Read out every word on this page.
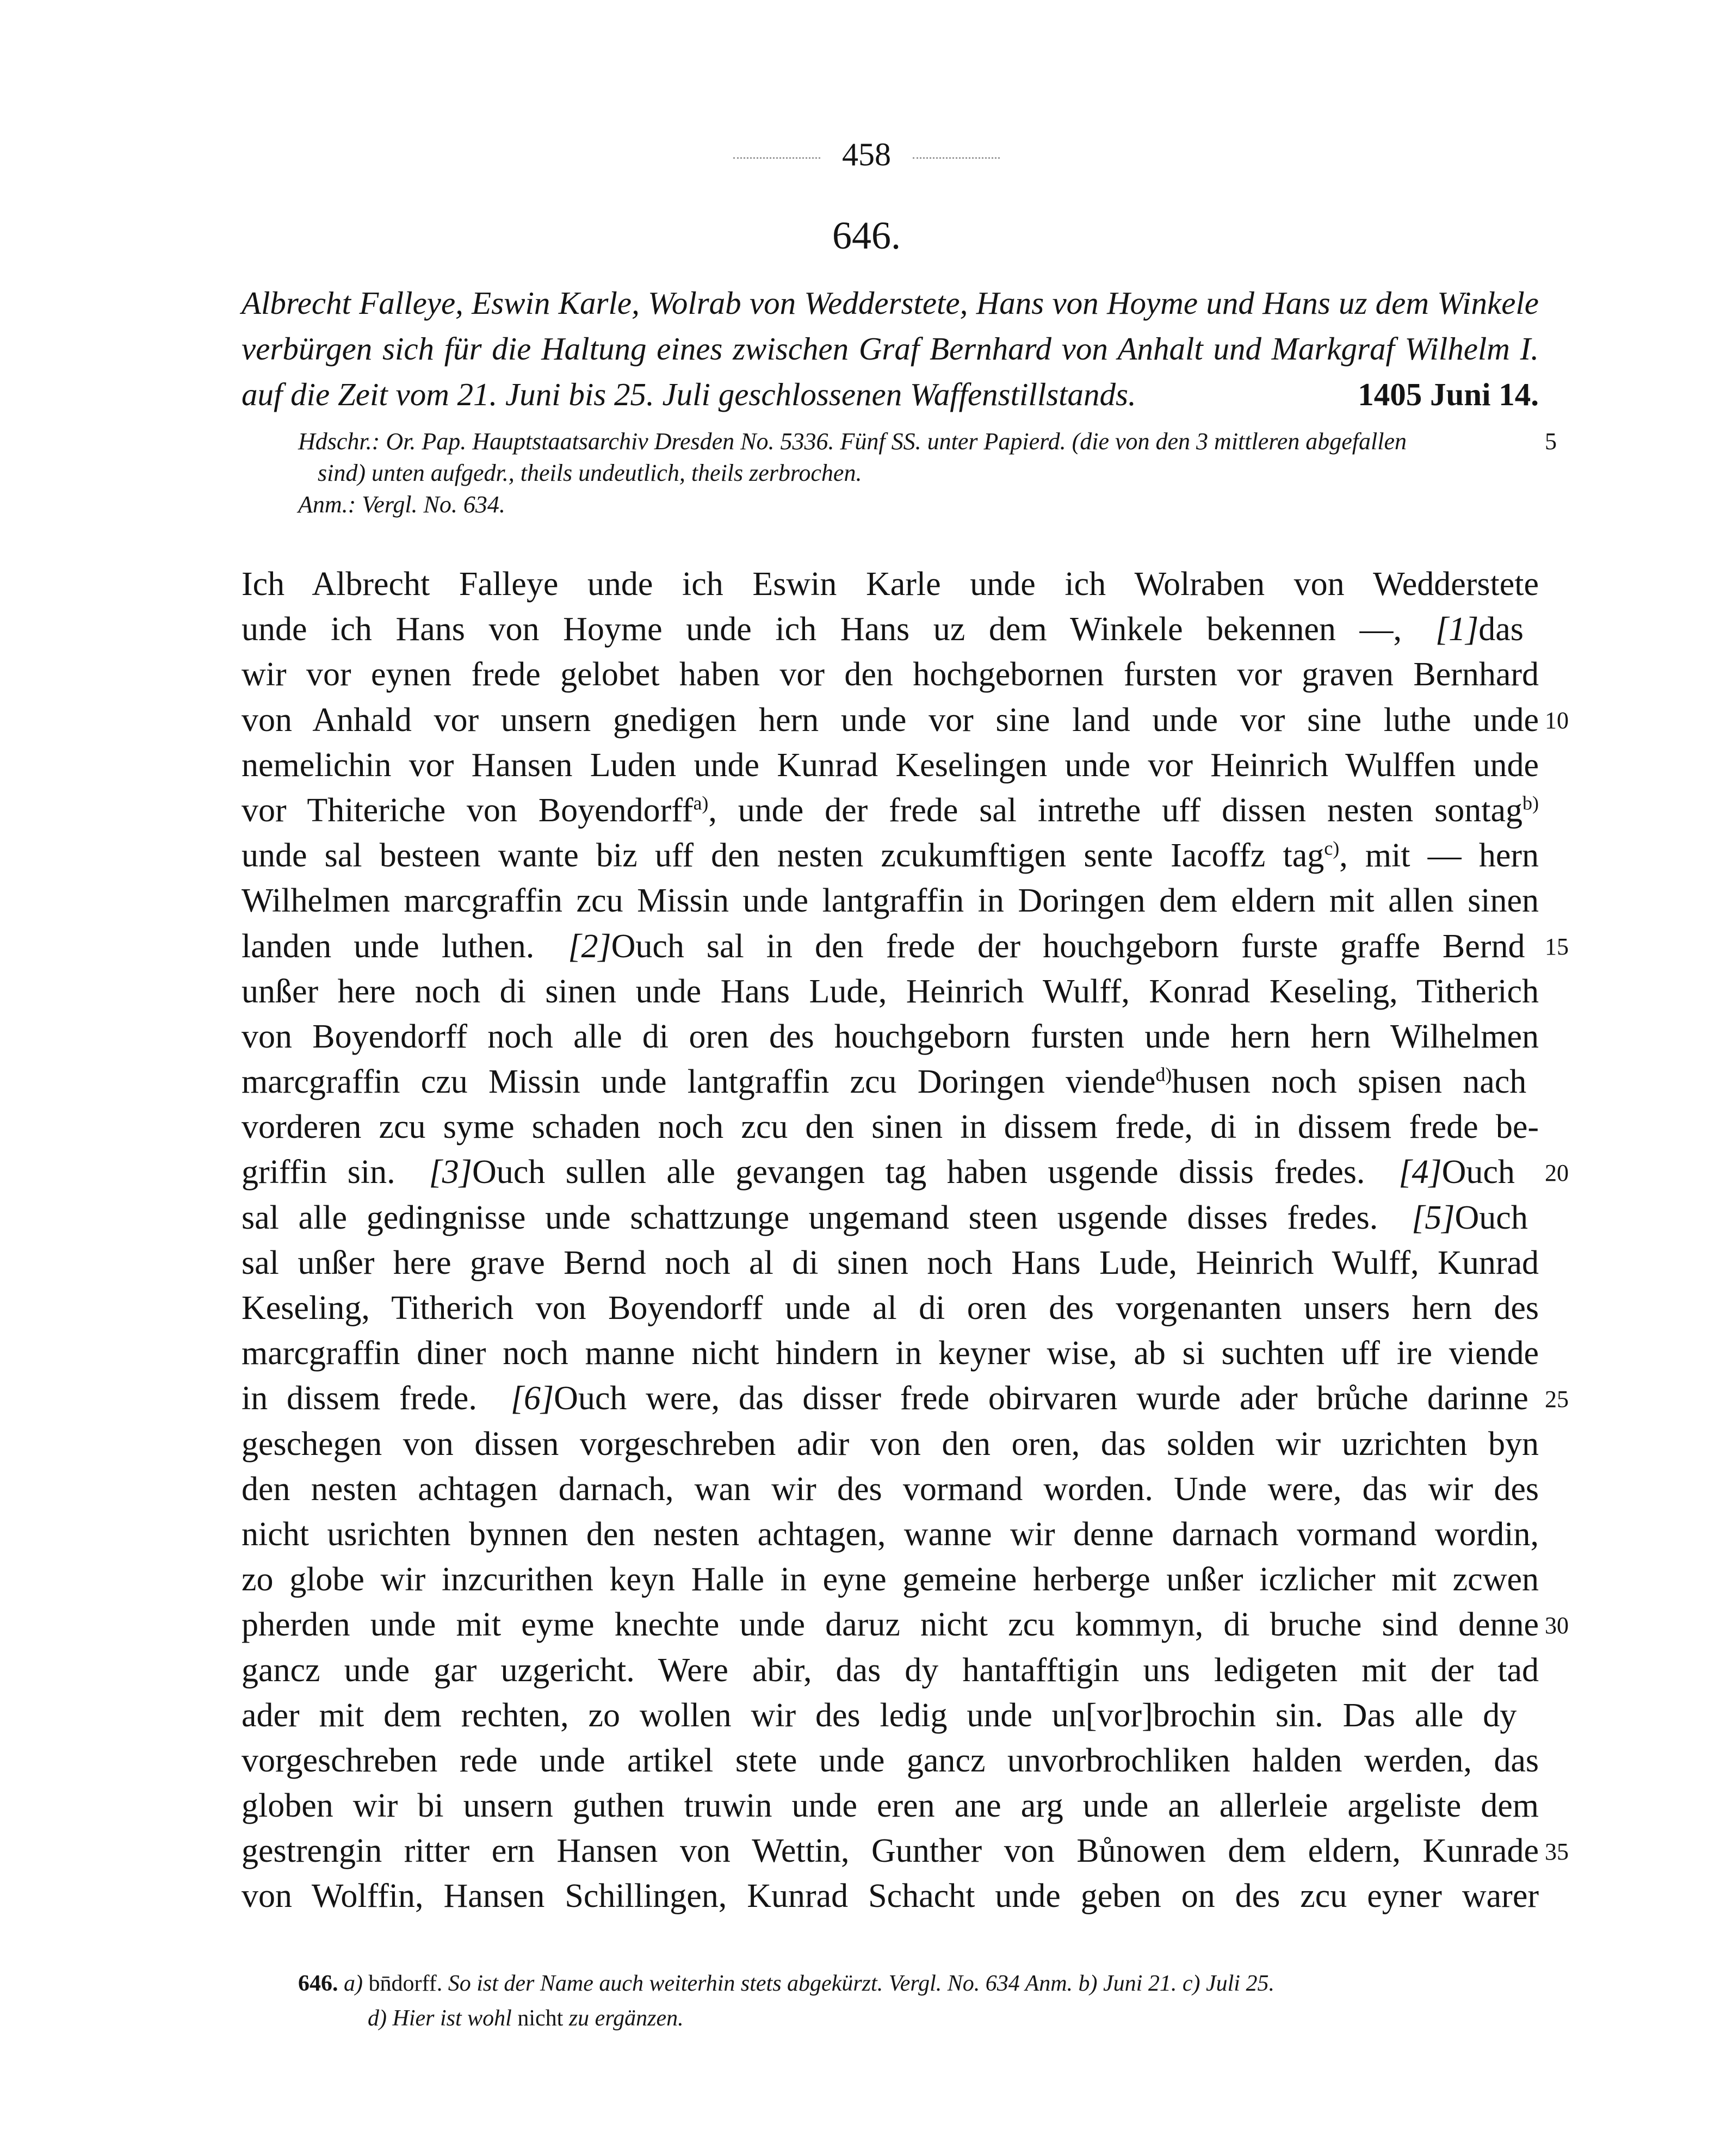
458
646.
Albrecht Falleye, Eswin Karle, Wolrab von Wedderstete, Hans von Hoyme und Hans uz dem Winkele verbürgen sich für die Haltung eines zwischen Graf Bernhard von Anhalt und Markgraf Wilhelm I. auf die Zeit vom 21. Juni bis 25. Juli geschlossenen Waffenstillstands.	1405 Juni 14.
Hdschr.: Or. Pap. Hauptstaatsarchiv Dresden No. 5336. Fünf SS. unter Papierd. (die von den 3 mittleren abgefallen
sind) unten aufgedr., theils undeutlich, theils zerbrochen.
Anm.: Vergl. No. 634.
5
Ich Albrecht Falleye unde ich Eswin Karle unde ich Wolraben von Wedderstete
unde ich Hans von Hoyme unde ich Hans uz dem Winkele bekennen —, [1]das
wir vor eynen frede gelobet haben vor den hochgebornen fursten vor graven Bernhard
von Anhald vor unsern gnedigen hern unde vor sine land unde vor sine luthe unde
nemelichin vor Hansen Luden unde Kunrad Keselingen unde vor Heinrich Wulffen unde
vor Thiteriche von Boyendorff$^{a)}$, unde der frede sal intrethe uff dissen nesten sontag$^{b)}$
unde sal besteen wante biz uff den nesten zcukumftigen sente Iacoffz tag$^{c)}$, mit — hern
Wilhelmen marcgraffin zcu Missin unde lantgraffin in Doringen dem eldern mit allen sinen
landen unde luthen. [2]Ouch sal in den frede der houchgeborn furste graffe Bernd
unßer here noch di sinen unde Hans Lude, Heinrich Wulff, Konrad Keseling, Titherich
von Boyendorff noch alle di oren des houchgeborn fursten unde hern hern Wilhelmen
marcgraffin czu Missin unde lantgraffin zcu Doringen viende$^{d)}$husen noch spisen nach
vorderen zcu syme schaden noch zcu den sinen in dissem frede, di in dissem frede be-
griffin sin. [3]Ouch sullen alle gevangen tag haben usgende dissis fredes. [4]Ouch
sal alle gedingnisse unde schattzunge ungemand steen usgende disses fredes. [5]Ouch
sal unßer here grave Bernd noch al di sinen noch Hans Lude, Heinrich Wulff, Kunrad
Keseling, Titherich von Boyendorff unde al di oren des vorgenanten unsers hern des
marcgraffin diner noch manne nicht hindern in keyner wise, ab si suchten uff ire viende
in dissem frede. [6]Ouch were, das disser frede obirvaren wurde ader brůche darinne
geschegen von dissen vorgeschreben adir von den oren, das solden wir uzrichten byn
den nesten achtagen darnach, wan wir des vormand worden. Unde were, das wir des
nicht usrichten bynnen den nesten achtagen, wanne wir denne darnach vormand wordin,
zo globe wir inzcurithen keyn Halle in eyne gemeine herberge unßer iczlicher mit zcwen
pherden unde mit eyme knechte unde daruz nicht zcu kommyn, di bruche sind denne
gancz unde gar uzgericht. Were abir, das dy hantafftigin uns ledigeten mit der tad
ader mit dem rechten, zo wollen wir des ledig unde un[vor]brochin sin. Das alle dy
vorgeschreben rede unde artikel stete unde gancz unvorbrochliken halden werden, das
globen wir bi unsern guthen truwin unde eren ane arg unde an allerleie argeliste dem
gestrengin ritter ern Hansen von Wettin, Gunther von Bůnowen dem eldern, Kunrade
von Wolffin, Hansen Schillingen, Kunrad Schacht unde geben on des zcu eyner warer
10
15
20
25
30
35
646. a) bn̄dorff. So ist der Name auch weiterhin stets abgekürzt. Vergl. No. 634 Anm. b) Juni 21. c) Juli 25.
d) Hier ist wohl nicht zu ergänzen.
